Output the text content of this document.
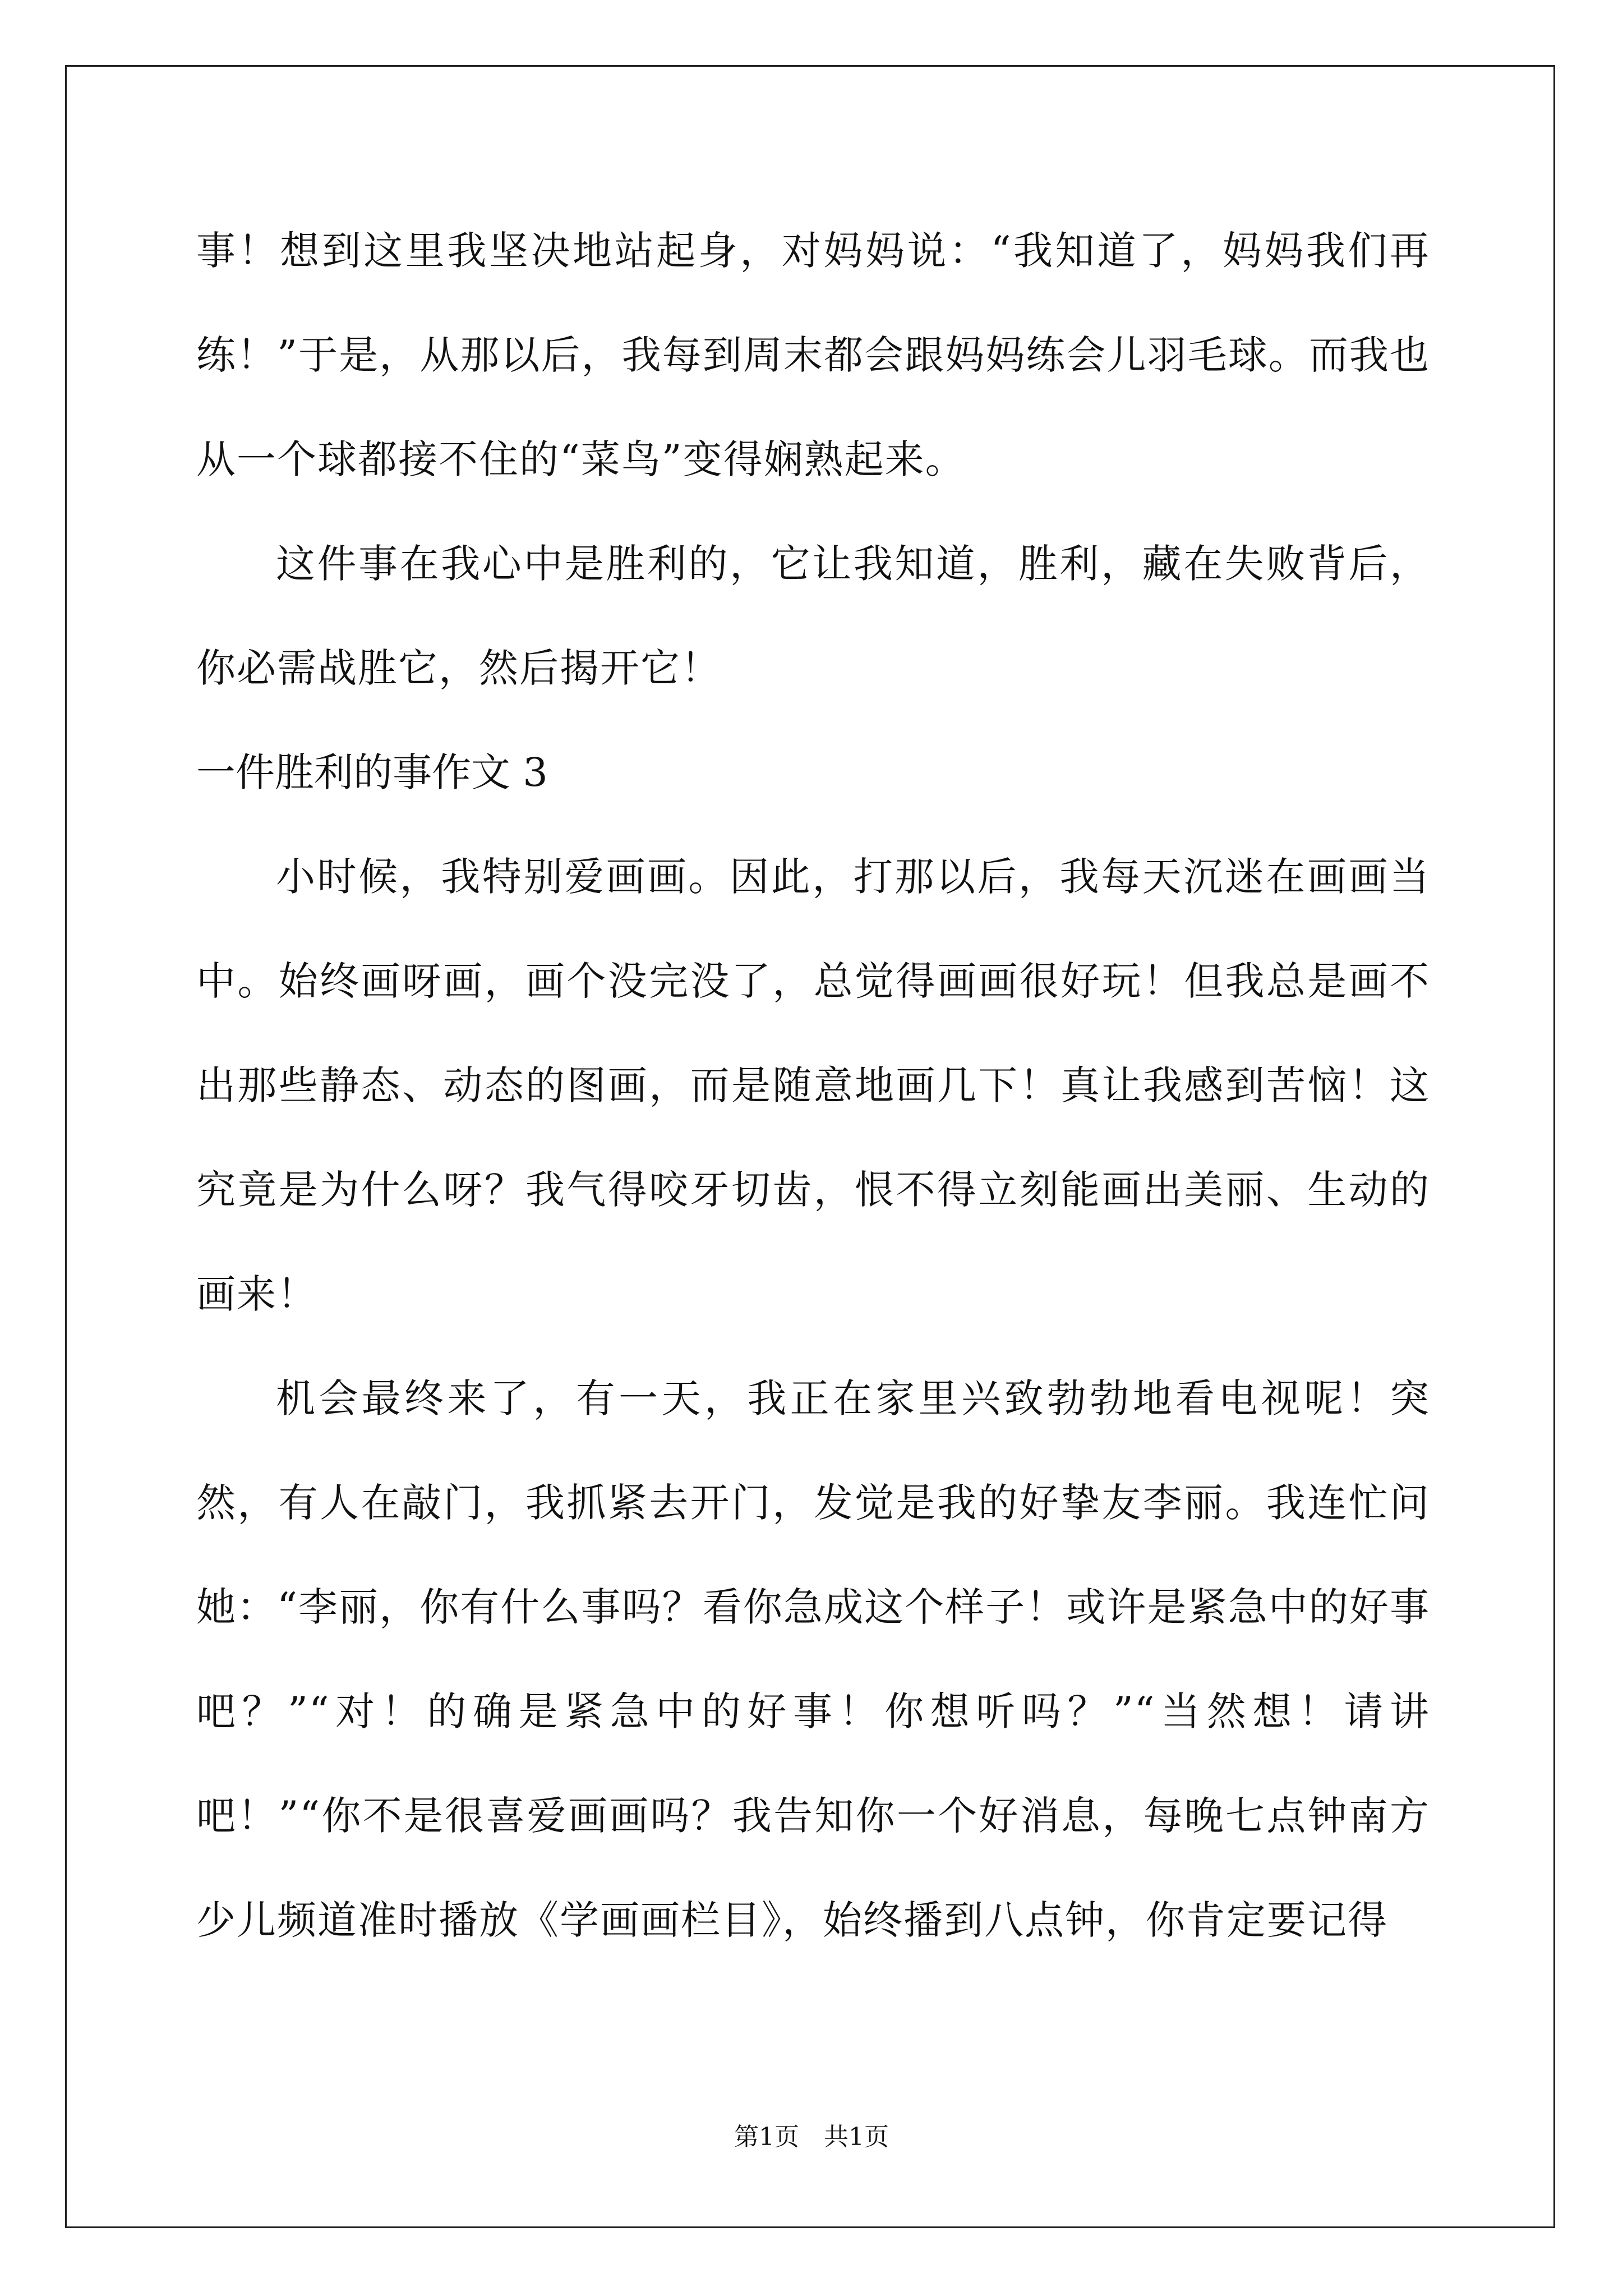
事！想到这里我坚决地站起身，对妈妈说：“我知道了，妈妈我们再练！”于是，从那以后，我每到周末都会跟妈妈练会儿羽毛球。而我也从一个球都接不住的“菜鸟”变得娴熟起来。

这件事在我心中是胜利的，它让我知道，胜利，藏在失败背后，你必需战胜它，然后揭开它！

一件胜利的事作文 3

小时候，我特别爱画画。因此，打那以后，我每天沉迷在画画当中。始终画呀画，画个没完没了，总觉得画画很好玩！但我总是画不出那些静态、动态的图画，而是随意地画几下！真让我感到苦恼！这究竟是为什么呀？我气得咬牙切齿，恨不得立刻能画出美丽、生动的画来！

机会最终来了，有一天，我正在家里兴致勃勃地看电视呢！突然，有人在敲门，我抓紧去开门，发觉是我的好挚友李丽。我连忙问她：“李丽，你有什么事吗？看你急成这个样子！或许是紧急中的好事吧？”“对！的确是紧急中的好事！你想听吗？”“当然想！请讲吧！”“你不是很喜爱画画吗？我告知你一个好消息，每晚七点钟南方少儿频道准时播放《学画画栏目》，始终播到八点钟，你肯定要记得

第1页　共1页
